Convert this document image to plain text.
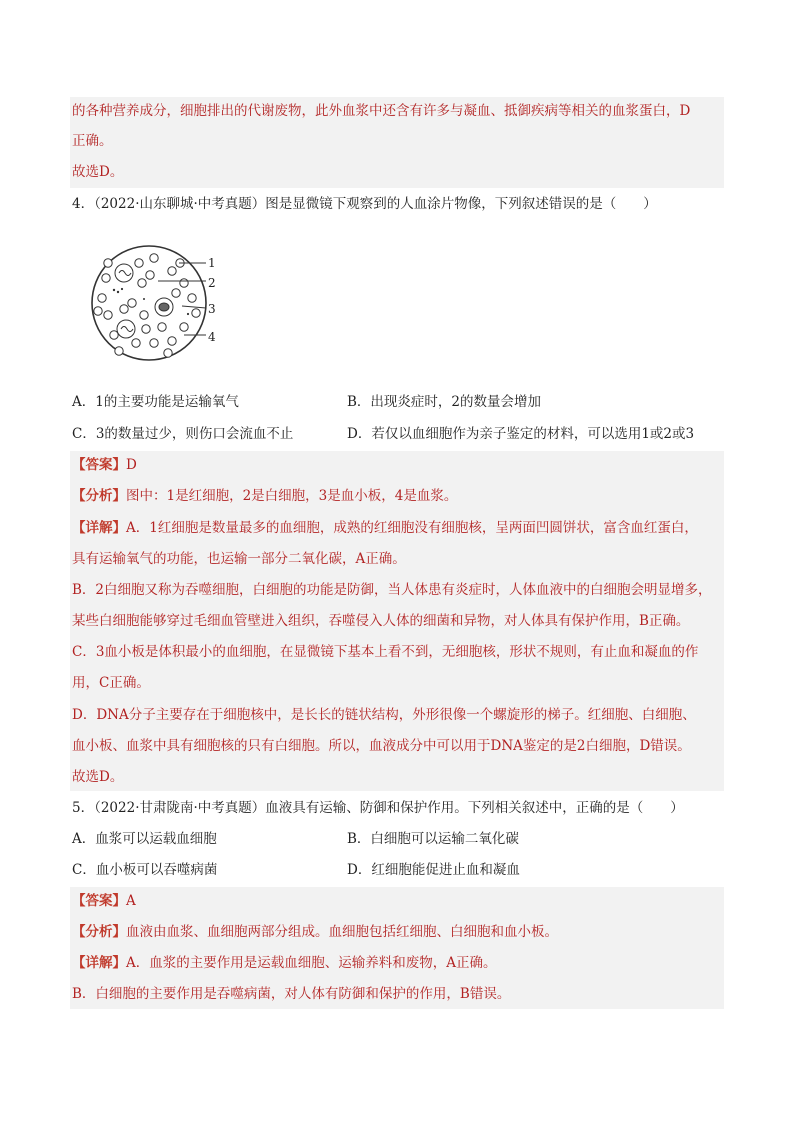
的各种营养成分，细胞排出的代谢废物，此外血浆中还含有许多与凝血、抵御疾病等相关的血浆蛋白，D
正确。
故选D。
4．（2022·山东聊城·中考真题）图是显微镜下观察到的人血涂片物像，下列叙述错误的是（　　）
1
2
3
4
A．1的主要功能是运输氧气	B．出现炎症时，2的数量会增加
C．3的数量过少，则伤口会流血不止	D．若仅以血细胞作为亲子鉴定的材料，可以选用1或2或3
【答案】D
【分析】图中：1是红细胞，2是白细胞，3是血小板，4是血浆。
【详解】A．1红细胞是数量最多的血细胞，成熟的红细胞没有细胞核，呈两面凹圆饼状，富含血红蛋白，
具有运输氧气的功能，也运输一部分二氧化碳，A正确。
B．2白细胞又称为吞噬细胞，白细胞的功能是防御，当人体患有炎症时，人体血液中的白细胞会明显增多，
某些白细胞能够穿过毛细血管壁进入组织，吞噬侵入人体的细菌和异物，对人体具有保护作用，B正确。
C．3血小板是体积最小的血细胞，在显微镜下基本上看不到，无细胞核，形状不规则，有止血和凝血的作
用，C正确。
D．DNA分子主要存在于细胞核中，是长长的链状结构，外形很像一个螺旋形的梯子。红细胞、白细胞、
血小板、血浆中具有细胞核的只有白细胞。所以，血液成分中可以用于DNA鉴定的是2白细胞，D错误。
故选D。
5．（2022·甘肃陇南·中考真题）血液具有运输、防御和保护作用。下列相关叙述中，正确的是（　　）
A．血浆可以运载血细胞	B．白细胞可以运输二氧化碳
C．血小板可以吞噬病菌	D．红细胞能促进止血和凝血
【答案】A
【分析】血液由血浆、血细胞两部分组成。血细胞包括红细胞、白细胞和血小板。
【详解】A．血浆的主要作用是运载血细胞、运输养料和废物，A正确。
B．白细胞的主要作用是吞噬病菌，对人体有防御和保护的作用，B错误。
